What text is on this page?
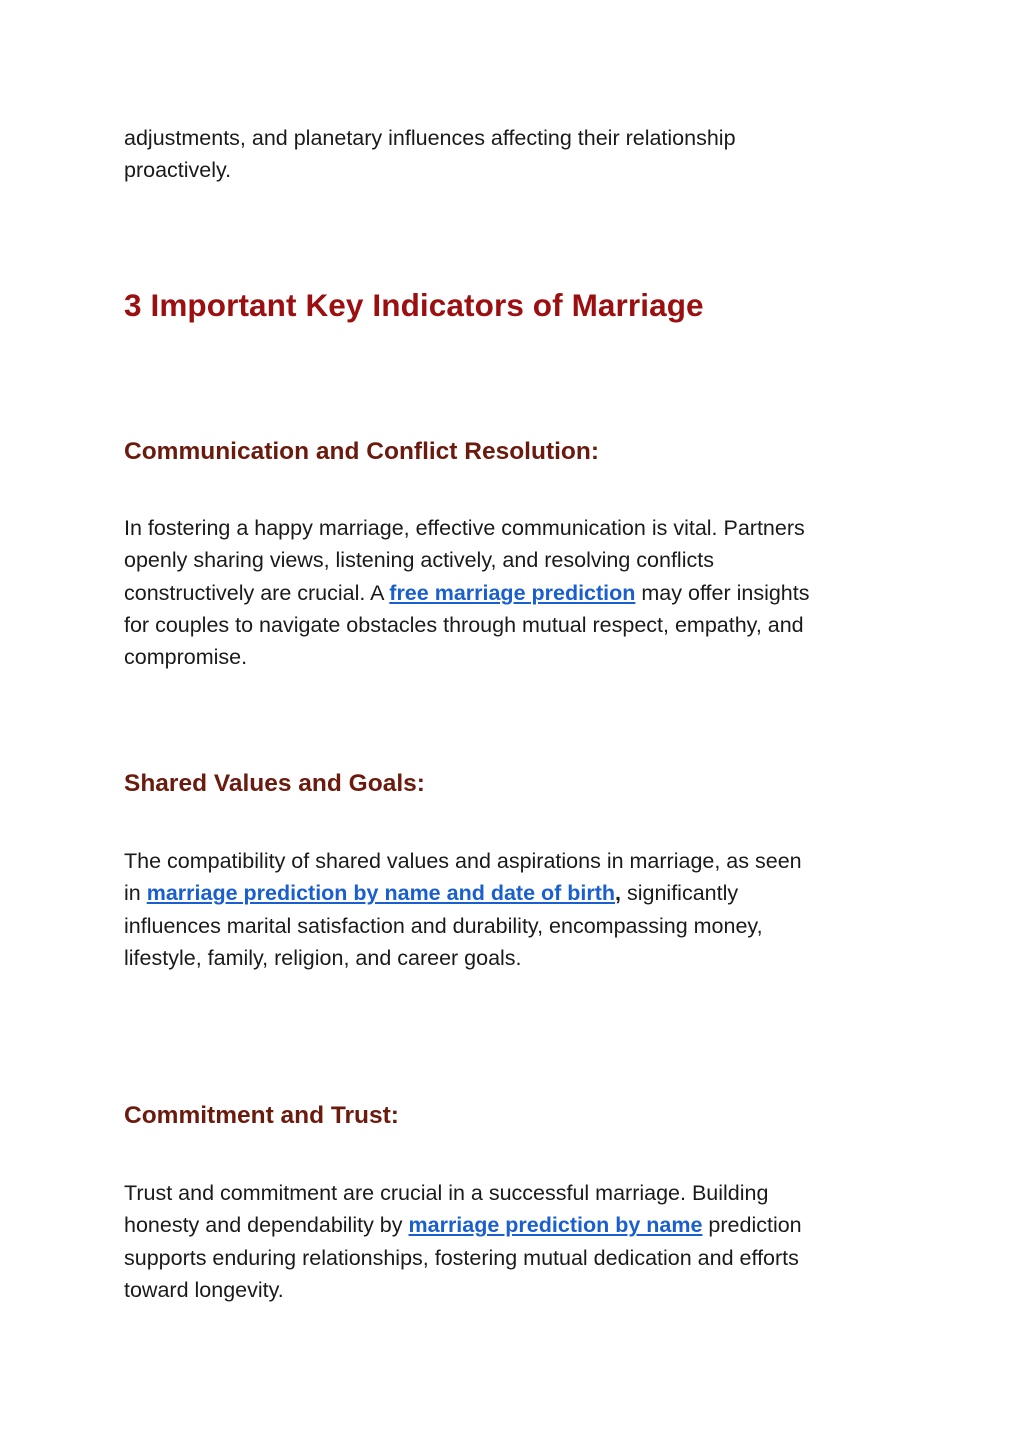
adjustments, and planetary influences affecting their relationship
proactively.

3 Important Key Indicators of Marriage
Communication and Conflict Resolution:

In fostering a happy marriage, effective communication is vital. Partners
openly sharing views, listening actively, and resolving conflicts
constructively are crucial. A free marriage prediction may offer insights
for couples to navigate obstacles through mutual respect, empathy, and
compromise.

Shared Values and Goals:

The compatibility of shared values and aspirations in marriage, as seen
in marriage prediction by name and date of birth, significantly
influences marital satisfaction and durability, encompassing money,
lifestyle, family, religion, and career goals.

Commitment and Trust:

Trust and commitment are crucial in a successful marriage. Building
honesty and dependability by marriage prediction by name prediction
supports enduring relationships, fostering mutual dedication and efforts
toward longevity.
